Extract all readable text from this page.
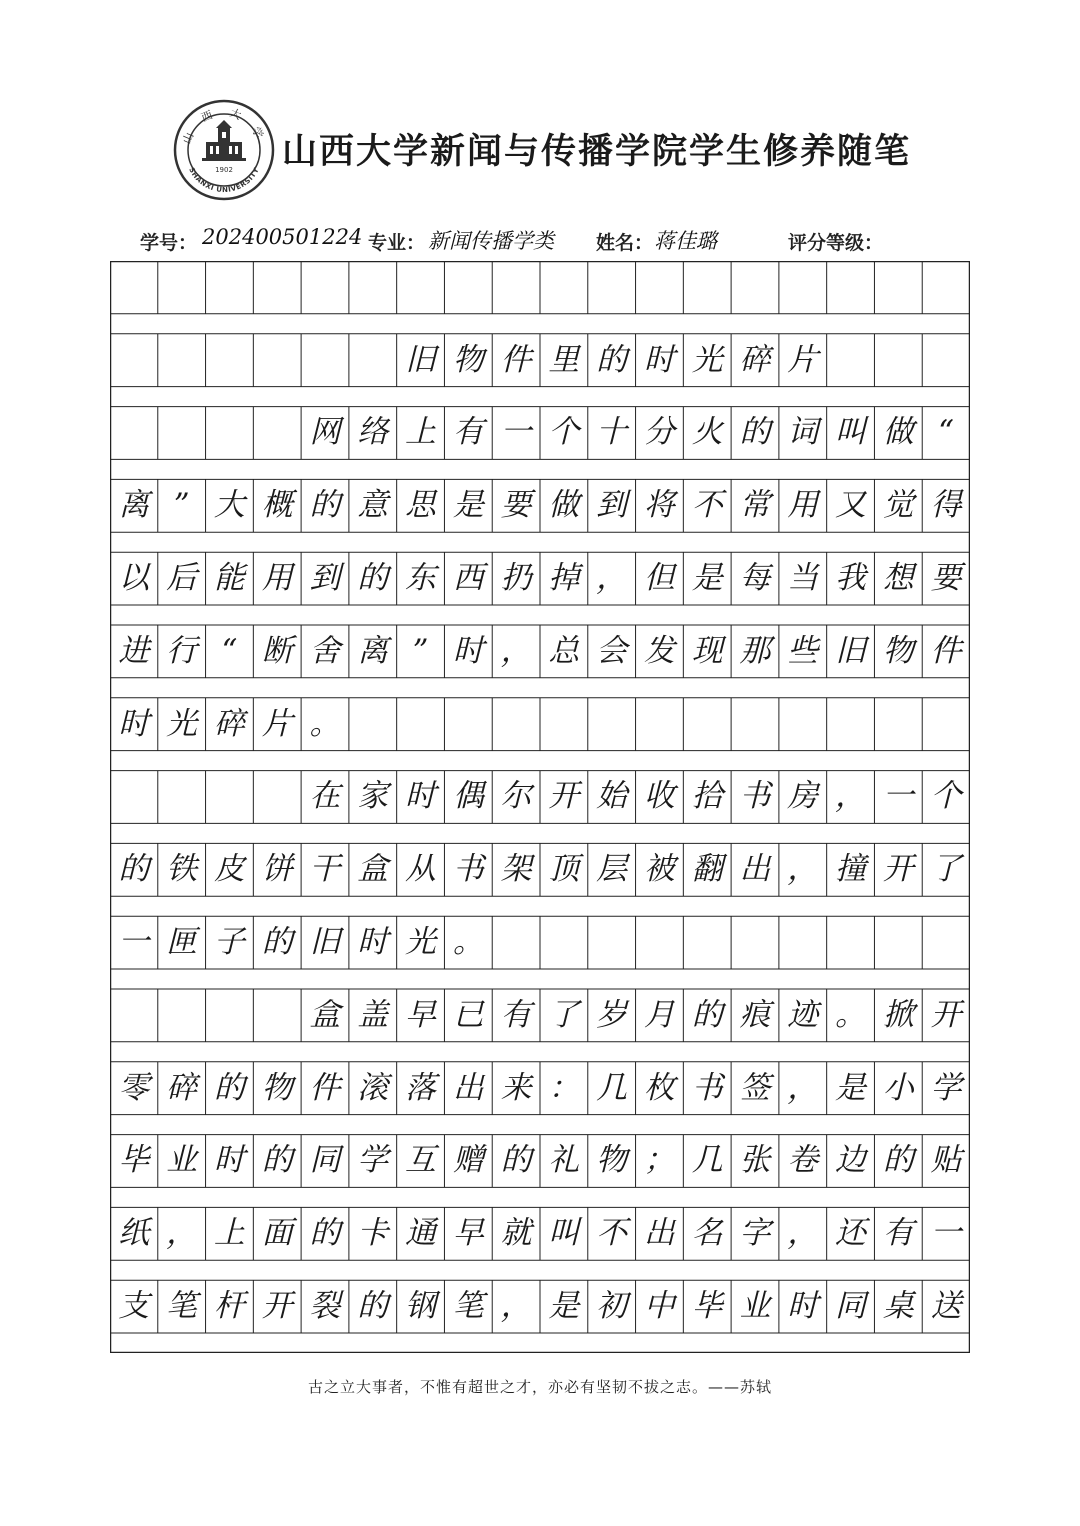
山 西 大 学
SHANXI UNIVERSITY
1902 山西大学新闻与传播学院学生修养随笔
学号： 202400501224 专业： 新闻传播学类 姓名： 蒋佳璐	评分等级：
旧 物 件 里 的 时 光 碎 片
网 络 上 有 一 个 十 分 火 的 词 叫 做 “
离 ” 大 概 的 意 思 是 要 做 到 将 不 常 用 又 觉 得
以 后 能 用 到 的 东 西 扔 掉 ， 但 是 每 当 我 想 要
进 行 “ 断 舍 离 ” 时 ， 总 会 发 现 那 些 旧 物 件
时 光 碎 片 。
在 家 时 偶 尔 开 始 收 拾 书 房 ， 一 个
的 铁 皮 饼 干 盒 从 书 架 顶 层 被 翻 出 ， 撞 开 了
一 匣 子 的 旧 时 光 。
盒 盖 早 已 有 了 岁 月 的 痕 迹 。 掀 开
零 碎 的 物 件 滚 落 出 来 ： 几 枚 书 签 ， 是 小 学
毕 业 时 的 同 学 互 赠 的 礼 物 ； 几 张 卷 边 的 贴
纸 ， 上 面 的 卡 通 早 就 叫 不 出 名 字 ， 还 有 一
支 笔 杆 开 裂 的 钢 笔 ， 是 初 中 毕 业 时 同 桌 送
古之立大事者，不惟有超世之才，亦必有坚韧不拔之志。——苏轼
